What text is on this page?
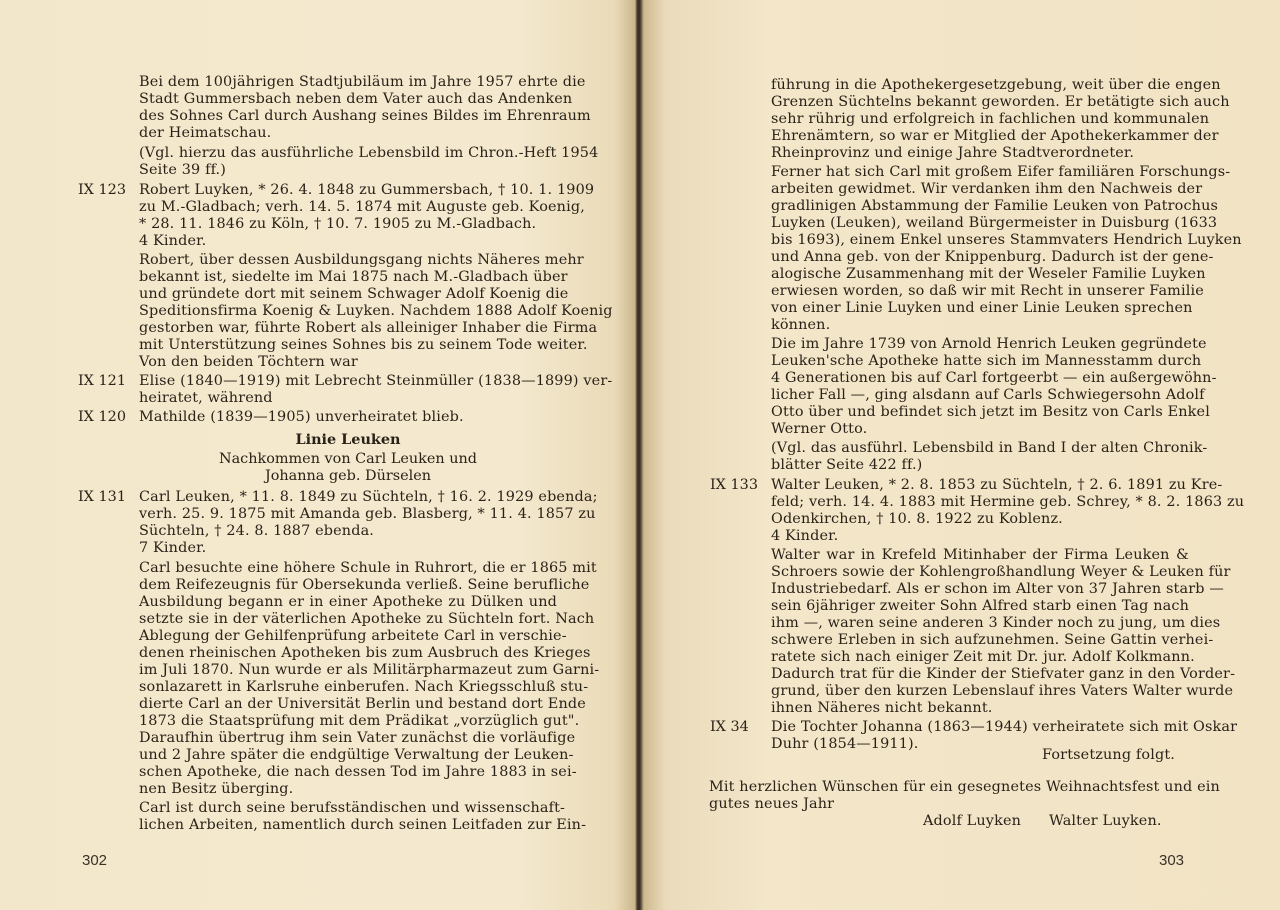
Bei dem 100jährigen Stadtjubiläum im Jahre 1957 ehrte die
Stadt Gummersbach neben dem Vater auch das Andenken
des Sohnes Carl durch Aushang seines Bildes im Ehrenraum
der Heimatschau.
(Vgl. hierzu das ausführliche Lebensbild im Chron.-Heft 1954
Seite 39 ff.)
IX 123 Robert Luyken, * 26. 4. 1848 zu Gummersbach, † 10. 1. 1909
zu M.-Gladbach; verh. 14. 5. 1874 mit Auguste geb. Koenig,
* 28. 11. 1846 zu Köln, † 10. 7. 1905 zu M.-Gladbach.
4 Kinder.
Robert, über dessen Ausbildungsgang nichts Näheres mehr
bekannt ist, siedelte im Mai 1875 nach M.-Gladbach über
und gründete dort mit seinem Schwager Adolf Koenig die
Speditionsfirma Koenig & Luyken. Nachdem 1888 Adolf Koenig
gestorben war, führte Robert als alleiniger Inhaber die Firma
mit Unterstützung seines Sohnes bis zu seinem Tode weiter.
Von den beiden Töchtern war
IX 121 Elise (1840—1919) mit Lebrecht Steinmüller (1838—1899) ver-
heiratet, während
IX 120 Mathilde (1839—1905) unverheiratet blieb.
Linie Leuken
Nachkommen von Carl Leuken und
Johanna geb. Dürselen
IX 131 Carl Leuken, * 11. 8. 1849 zu Süchteln, † 16. 2. 1929 ebenda;
verh. 25. 9. 1875 mit Amanda geb. Blasberg, * 11. 4. 1857 zu
Süchteln, † 24. 8. 1887 ebenda.
7 Kinder.
Carl besuchte eine höhere Schule in Ruhrort, die er 1865 mit
dem Reifezeugnis für Obersekunda verließ. Seine berufliche
Ausbildung begann er in einer Apotheke zu Dülken und
setzte sie in der väterlichen Apotheke zu Süchteln fort. Nach
Ablegung der Gehilfenprüfung arbeitete Carl in verschie-
denen rheinischen Apotheken bis zum Ausbruch des Krieges
im Juli 1870. Nun wurde er als Militärpharmazeut zum Garni-
sonlazarett in Karlsruhe einberufen. Nach Kriegsschluß stu-
dierte Carl an der Universität Berlin und bestand dort Ende
1873 die Staatsprüfung mit dem Prädikat „vorzüglich gut".
Daraufhin übertrug ihm sein Vater zunächst die vorläufige
und 2 Jahre später die endgültige Verwaltung der Leuken-
schen Apotheke, die nach dessen Tod im Jahre 1883 in sei-
nen Besitz überging.
Carl ist durch seine berufsständischen und wissenschaft-
lichen Arbeiten, namentlich durch seinen Leitfaden zur Ein-
302
führung in die Apothekergesetzgebung, weit über die engen
Grenzen Süchtelns bekannt geworden. Er betätigte sich auch
sehr rührig und erfolgreich in fachlichen und kommunalen
Ehrenämtern, so war er Mitglied der Apothekerkammer der
Rheinprovinz und einige Jahre Stadtverordneter.
Ferner hat sich Carl mit großem Eifer familiären Forschungs-
arbeiten gewidmet. Wir verdanken ihm den Nachweis der
gradlinigen Abstammung der Familie Leuken von Patrochus
Luyken (Leuken), weiland Bürgermeister in Duisburg (1633
bis 1693), einem Enkel unseres Stammvaters Hendrich Luyken
und Anna geb. von der Knippenburg. Dadurch ist der gene-
alogische Zusammenhang mit der Weseler Familie Luyken
erwiesen worden, so daß wir mit Recht in unserer Familie
von einer Linie Luyken und einer Linie Leuken sprechen
können.
Die im Jahre 1739 von Arnold Henrich Leuken gegründete
Leuken'sche Apotheke hatte sich im Mannesstamm durch
4 Generationen bis auf Carl fortgeerbt — ein außergewöhn-
licher Fall —, ging alsdann auf Carls Schwiegersohn Adolf
Otto über und befindet sich jetzt im Besitz von Carls Enkel
Werner Otto.
(Vgl. das ausführl. Lebensbild in Band I der alten Chronik-
blätter Seite 422 ff.)
IX 133 Walter Leuken, * 2. 8. 1853 zu Süchteln, † 2. 6. 1891 zu Kre-
feld; verh. 14. 4. 1883 mit Hermine geb. Schrey, * 8. 2. 1863 zu
Odenkirchen, † 10. 8. 1922 zu Koblenz.
4 Kinder.
Walter war in Krefeld Mitinhaber der Firma Leuken &
Schroers sowie der Kohlengroßhandlung Weyer & Leuken für
Industriebedarf. Als er schon im Alter von 37 Jahren starb —
sein 6jähriger zweiter Sohn Alfred starb einen Tag nach
ihm —, waren seine anderen 3 Kinder noch zu jung, um dies
schwere Erleben in sich aufzunehmen. Seine Gattin verhei-
ratete sich nach einiger Zeit mit Dr. jur. Adolf Kolkmann.
Dadurch trat für die Kinder der Stiefvater ganz in den Vorder-
grund, über den kurzen Lebenslauf ihres Vaters Walter wurde
ihnen Näheres nicht bekannt.
IX 34 Die Tochter Johanna (1863—1944) verheiratete sich mit Oskar
Duhr (1854—1911).
Fortsetzung folgt.
Mit herzlichen Wünschen für ein gesegnetes Weihnachtsfest und ein
gutes neues Jahr
Adolf Luyken Walter Luyken.
303
